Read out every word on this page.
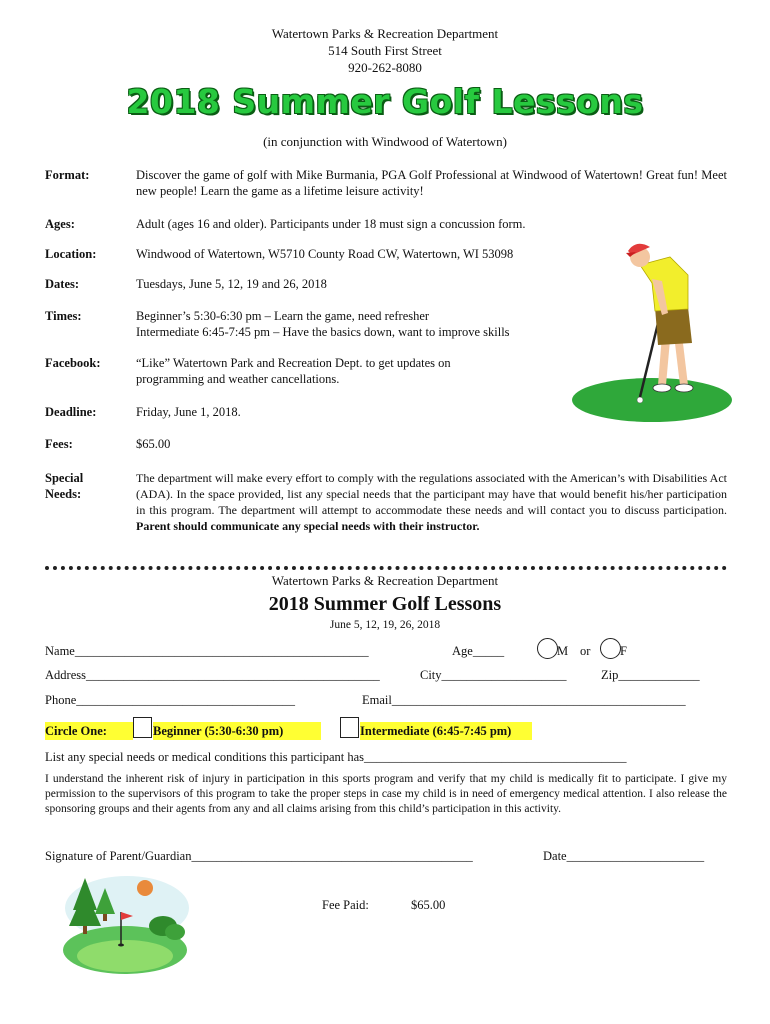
Watertown Parks & Recreation Department
514 South First Street
920-262-8080
2018 Summer Golf Lessons
(in conjunction with Windwood of Watertown)
Format:	Discover the game of golf with Mike Burmania, PGA Golf Professional at Windwood of Watertown! Great fun! Meet new people! Learn the game as a lifetime leisure activity!
Ages:	Adult (ages 16 and older). Participants under 18 must sign a concussion form.
Location:	Windwood of Watertown, W5710 County Road CW, Watertown, WI 53098
Dates:	Tuesdays, June 5, 12, 19 and 26, 2018
Times:	Beginner’s 5:30-6:30 pm – Learn the game, need refresher
Intermediate 6:45-7:45 pm – Have the basics down, want to improve skills
Facebook:	“Like” Watertown Park and Recreation Dept. to get updates on
programming and weather cancellations.
Deadline:	Friday, June 1, 2018.
Fees:	$65.00
Special
Needs:
The department will make every effort to comply with the regulations associated with the American’s with Disabilities Act (ADA). In the space provided, list any special needs that the participant may have that would benefit his/her participation in this program. The department will attempt to accommodate these needs and will contact you to discuss participation. Parent should communicate any special needs with their instructor.
Watertown Parks & Recreation Department
2018 Summer Golf Lessons
June 5, 12, 19, 26, 2018
Name_______________________________________________	Age_____	M or F
Address_______________________________________________	City____________________	Zip_____________
Phone___________________________________	Email_______________________________________________
Circle One:	Beginner (5:30-6:30 pm)	Intermediate (6:45-7:45 pm)
List any special needs or medical conditions this participant has__________________________________________
I understand the inherent risk of injury in participation in this sports program and verify that my child is medically fit to participate. I give my permission to the supervisors of this program to take the proper steps in case my child is in need of emergency medical attention. I also release the sponsoring groups and their agents from any and all claims arising from this child’s participation in this activity.
Signature of Parent/Guardian_____________________________________________	Date______________________
Fee Paid:	$65.00
